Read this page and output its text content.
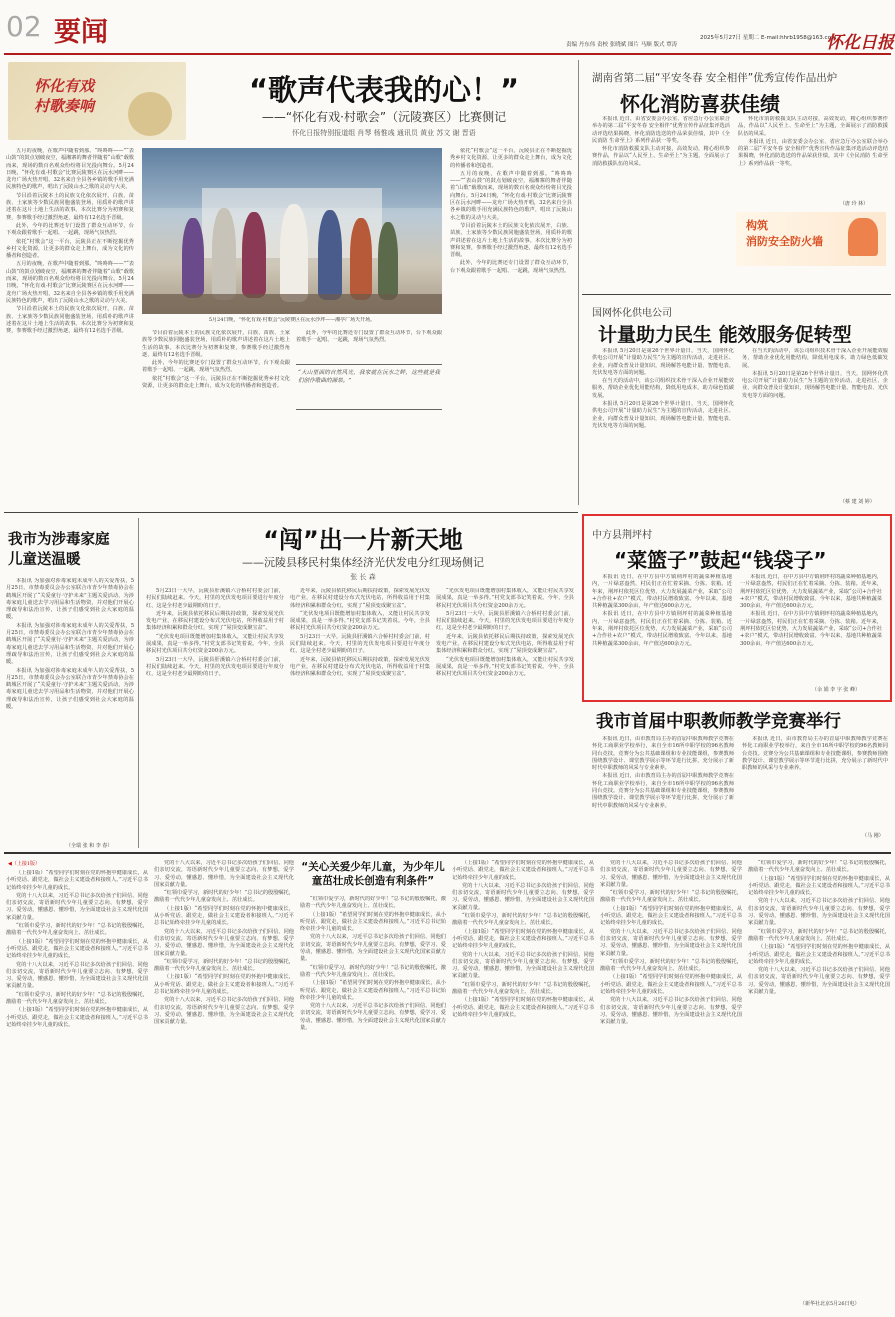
02 要闻	责编 丹东伟 责校 张晓斌 图片 马顺 版式 覃涛
2025年5月27日 星期二 E-mail:hhrb1958@163.com
怀化日报
怀化有戏
村歌奏响	“歌声代表我的心！”
——“怀化有戏·村歌会”（沅陵赛区）比赛侧记
怀化日报特别报道组 肖琴 杨惟彧 通讯员 黄业 苏文 谢 晋语

五月的夜晚，在歌声中随着到那。“咚咚咚——”“表山鼓”的鼓点划破夜空，福湘寨的舞者伴随着“山歌”载歌而来，现场的数百名观众纷纷将目光投向舞台。5月24日晚，“怀化有戏·村歌会”比赛沅陵赛区在沅水河畔——龙舟广场火热开唱，32名来自全县各乡镇的歌手用充满民族特色的歌声，唱出了沅陵山水之歌的灵动与大美。

节目沿着沅陵本土的民族文化依次展开，白族、苗族、土家族等少数民族同胞盛装登场，用质朴的歌声讲述着在这片土地上生活的故事。本次比赛分为初赛和复赛，参赛歌手经过激烈角逐，最终有12名选手晋级。

此外，今年的比赛还专门设置了群众互动环节，台下观众跟着歌手一起唱、一起跳，现场气氛热烈。

依托“村歌会”这一平台，沅陵县正在不断挖掘优秀乡村文化资源，让更多的群众走上舞台，成为文化的传播者和创造者。

五月的夜晚，在歌声中随着到那。“咚咚咚——”“表山鼓”的鼓点划破夜空，福湘寨的舞者伴随着“山歌”载歌而来，现场的数百名观众纷纷将目光投向舞台。5月24日晚，“怀化有戏·村歌会”比赛沅陵赛区在沅水河畔——龙舟广场火热开唱，32名来自全县各乡镇的歌手用充满民族特色的歌声，唱出了沅陵山水之歌的灵动与大美。

节目沿着沅陵本土的民族文化依次展开，白族、苗族、土家族等少数民族同胞盛装登场，用质朴的歌声讲述着在这片土地上生活的故事。本次比赛分为初赛和复赛，参赛歌手经过激烈角逐，最终有12名选手晋级。

5月24日晚，“怀化有戏·村歌会”沅陵赛区在沅水沙坪——湘亭广场天开场。

节目沿着沅陵本土的民族文化依次展开，白族、苗族、土家族等少数民族同胞盛装登场，用质朴的歌声讲述着在这片土地上生活的故事。本次比赛分为初赛和复赛，参赛歌手经过激烈角逐，最终有12名选手晋级。

此外，今年的比赛还专门设置了群众互动环节，台下观众跟着歌手一起唱、一起跳，现场气氛热烈。

依托“村歌会”这一平台，沅陵县正在不断挖掘优秀乡村文化资源，让更多的群众走上舞台，成为文化的传播者和创造者。

此外，今年的比赛还专门设置了群众互动环节，台下观众跟着歌手一起唱、一起跳，现场气氛热烈。

“大山里面的自然风光，我家就在沅水之畔，这些就是我们创作歌曲的源泉。”

依托“村歌会”这一平台，沅陵县正在不断挖掘优秀乡村文化资源，让更多的群众走上舞台，成为文化的传播者和创造者。

五月的夜晚，在歌声中随着到那。“咚咚咚——”“表山鼓”的鼓点划破夜空，福湘寨的舞者伴随着“山歌”载歌而来，现场的数百名观众纷纷将目光投向舞台。5月24日晚，“怀化有戏·村歌会”比赛沅陵赛区在沅水河畔——龙舟广场火热开唱，32名来自全县各乡镇的歌手用充满民族特色的歌声，唱出了沅陵山水之歌的灵动与大美。

节目沿着沅陵本土的民族文化依次展开，白族、苗族、土家族等少数民族同胞盛装登场，用质朴的歌声讲述着在这片土地上生活的故事。本次比赛分为初赛和复赛，参赛歌手经过激烈角逐，最终有12名选手晋级。

此外，今年的比赛还专门设置了群众互动环节，台下观众跟着歌手一起唱、一起跳，现场气氛热烈。

湖南省第二届“平安冬春 安全相伴”优秀宣传作品出炉
怀化消防喜获佳绩

本报讯 近日，由省安委会办公室、省应急厅办公室联合举办的第二届“平安冬春 安全相伴”优秀宣传作品征集评选活动评选结果揭晓，怀化消防选送的作品荣获佳绩，其中《全民消防 生命至上》系列作品获一等奖。

怀化市消防救援支队主动对接，高效发动，精心组织参赛作品，作品以“人民至上、生命至上”为主题，全面展示了消防救援队伍的风采。

怀化市消防救援支队主动对接，高效发动，精心组织参赛作品，作品以“人民至上、生命至上”为主题，全面展示了消防救援队伍的风采。

本报讯 近日，由省安委会办公室、省应急厅办公室联合举办的第二届“平安冬春 安全相伴”优秀宣传作品征集评选活动评选结果揭晓，怀化消防选送的作品荣获佳绩，其中《全民消防 生命至上》系列作品获一等奖。

（唐 玲 林）
构筑
消防安全防火墙
国网怀化供电公司
计量助力民生 能效服务促转型

本报讯 5月20日是第26个世界计量日，当天，国网怀化供电公司开展“计量助力民生”为主题的宣传活动，走进社区、企业，向群众普及计量知识，现场解答电能计量、智能电表、光伏发电等方面的问题。

在当天的活动中，该公司组织技术骨干深入企业开展能效服务，帮助企业优化用能结构，降低用电成本，助力绿色低碳发展。

本报讯 5月20日是第26个世界计量日，当天，国网怀化供电公司开展“计量助力民生”为主题的宣传活动，走进社区、企业，向群众普及计量知识，现场解答电能计量、智能电表、光伏发电等方面的问题。

在当天的活动中，该公司组织技术骨干深入企业开展能效服务，帮助企业优化用能结构，降低用电成本，助力绿色低碳发展。

本报讯 5月20日是第26个世界计量日，当天，国网怀化供电公司开展“计量助力民生”为主题的宣传活动，走进社区、企业，向群众普及计量知识，现场解答电能计量、智能电表、光伏发电等方面的问题。

（蔡 建 刘 婷）
中方县荆坪村
“菜篮子”鼓起“钱袋子”

本报讯 近日，在中方县中方镇荆坪村的蔬菜种植基地内，一片绿意盎然，村民们正在忙着采摘、分拣、装箱。近年来，荆坪村依托区位优势，大力发展蔬菜产业，采取“公司+合作社+农户”模式，带动村民增收致富。今年以来，基地共种植蔬菜300余亩，年产值达600余万元。

本报讯 近日，在中方县中方镇荆坪村的蔬菜种植基地内，一片绿意盎然，村民们正在忙着采摘、分拣、装箱。近年来，荆坪村依托区位优势，大力发展蔬菜产业，采取“公司+合作社+农户”模式，带动村民增收致富。今年以来，基地共种植蔬菜300余亩，年产值达600余万元。

本报讯 近日，在中方县中方镇荆坪村的蔬菜种植基地内，一片绿意盎然，村民们正在忙着采摘、分拣、装箱。近年来，荆坪村依托区位优势，大力发展蔬菜产业，采取“公司+合作社+农户”模式，带动村民增收致富。今年以来，基地共种植蔬菜300余亩，年产值达600余万元。

本报讯 近日，在中方县中方镇荆坪村的蔬菜种植基地内，一片绿意盎然，村民们正在忙着采摘、分拣、装箱。近年来，荆坪村依托区位优势，大力发展蔬菜产业，采取“公司+合作社+农户”模式，带动村民增收致富。今年以来，基地共种植蔬菜300余亩，年产值达600余万元。

（余 娟 李 宇 张 峰）
我市首届中职教师教学竞赛举行

本报讯 近日，由市教育局主办的首届中职教师教学竞赛在怀化工商职业学校举行，来自全市16所中职学校的96名教师同台竞技。竞赛分为公共基础课组和专业技能课组，参赛教师围绕教学设计、课堂教学展示等环节进行比拼，充分展示了新时代中职教师的风采与专业素养。

本报讯 近日，由市教育局主办的首届中职教师教学竞赛在怀化工商职业学校举行，来自全市16所中职学校的96名教师同台竞技。竞赛分为公共基础课组和专业技能课组，参赛教师围绕教学设计、课堂教学展示等环节进行比拼，充分展示了新时代中职教师的风采与专业素养。

本报讯 近日，由市教育局主办的首届中职教师教学竞赛在怀化工商职业学校举行，来自全市16所中职学校的96名教师同台竞技。竞赛分为公共基础课组和专业技能课组，参赛教师围绕教学设计、课堂教学展示等环节进行比拼，充分展示了新时代中职教师的风采与专业素养。

（马 刚）
我市为涉毒家庭
儿童送温暖

本报讯 为加强对涉毒家庭未成年人的关爱帮扶，5月25日，市禁毒委员会办公室联合市青少年禁毒协会在鹤城区开展了“关爱童行·守护未来”主题关爱活动，为涉毒家庭儿童送去学习用品和生活物资，并对他们开展心理疏导和法治宣传，让孩子们感受到社会大家庭的温暖。

本报讯 为加强对涉毒家庭未成年人的关爱帮扶，5月25日，市禁毒委员会办公室联合市青少年禁毒协会在鹤城区开展了“关爱童行·守护未来”主题关爱活动，为涉毒家庭儿童送去学习用品和生活物资，并对他们开展心理疏导和法治宣传，让孩子们感受到社会大家庭的温暖。

本报讯 为加强对涉毒家庭未成年人的关爱帮扶，5月25日，市禁毒委员会办公室联合市青少年禁毒协会在鹤城区开展了“关爱童行·守护未来”主题关爱活动，为涉毒家庭儿童送去学习用品和生活物资，并对他们开展心理疏导和法治宣传，让孩子们感受到社会大家庭的温暖。

（全瑞 张 和 李 春）
“闯”出一片新天地
——沅陵县移民村集体经济光伏发电分红现场侧记
张 长 森

5月23日一大早，沅陵县肝溪镇六合桥村村委会门前，村民们陆续赶来。今天，村里的光伏发电项目要进行年度分红，这是全村老少最期盼的日子。

近年来，沅陵县依托移民后期扶持政策，探索发展光伏发电产业，在移民村建设分布式光伏电站，所得收益用于村集体经济积累和群众分红，实现了“屋顶变成聚宝盆”。

“光伏发电项目既能增加村集体收入，又能让村民共享发展成果，真是一举多得。”村党支部书记笑着说。今年，全县移民村光伏项目共分红资金200余万元。

5月23日一大早，沅陵县肝溪镇六合桥村村委会门前，村民们陆续赶来。今天，村里的光伏发电项目要进行年度分红，这是全村老少最期盼的日子。

近年来，沅陵县依托移民后期扶持政策，探索发展光伏发电产业，在移民村建设分布式光伏电站，所得收益用于村集体经济积累和群众分红，实现了“屋顶变成聚宝盆”。

“光伏发电项目既能增加村集体收入，又能让村民共享发展成果，真是一举多得。”村党支部书记笑着说。今年，全县移民村光伏项目共分红资金200余万元。

5月23日一大早，沅陵县肝溪镇六合桥村村委会门前，村民们陆续赶来。今天，村里的光伏发电项目要进行年度分红，这是全村老少最期盼的日子。

近年来，沅陵县依托移民后期扶持政策，探索发展光伏发电产业，在移民村建设分布式光伏电站，所得收益用于村集体经济积累和群众分红，实现了“屋顶变成聚宝盆”。

“光伏发电项目既能增加村集体收入，又能让村民共享发展成果，真是一举多得。”村党支部书记笑着说。今年，全县移民村光伏项目共分红资金200余万元。

5月23日一大早，沅陵县肝溪镇六合桥村村委会门前，村民们陆续赶来。今天，村里的光伏发电项目要进行年度分红，这是全村老少最期盼的日子。

近年来，沅陵县依托移民后期扶持政策，探索发展光伏发电产业，在移民村建设分布式光伏电站，所得收益用于村集体经济积累和群众分红，实现了“屋顶变成聚宝盆”。

“光伏发电项目既能增加村集体收入，又能让村民共享发展成果，真是一举多得。”村党支部书记笑着说。今年，全县移民村光伏项目共分红资金200余万元。

“关心关爱少年儿童，为少年儿童茁壮成长创造有利条件”
◀（上接1版）

（上接1版）“希望同学们时刻在党的怀抱中健康成长，从小听党话、跟党走，做社会主义建设者和接班人。”习近平总书记始终牵挂少年儿童的成长。

党的十八大以来，习近平总书记多次给孩子们回信、同他们亲切交流，寄语新时代少年儿童要立志向、有梦想，爱学习、爱劳动，懂感恩、懂珍惜，为全面建设社会主义现代化国家贡献力量。

“红领巾爱学习，新时代的好少年！”总书记的殷殷嘱托，激励着一代代少年儿童奋发向上、茁壮成长。

（上接1版）“希望同学们时刻在党的怀抱中健康成长，从小听党话、跟党走，做社会主义建设者和接班人。”习近平总书记始终牵挂少年儿童的成长。

党的十八大以来，习近平总书记多次给孩子们回信、同他们亲切交流，寄语新时代少年儿童要立志向、有梦想，爱学习、爱劳动，懂感恩、懂珍惜，为全面建设社会主义现代化国家贡献力量。

“红领巾爱学习，新时代的好少年！”总书记的殷殷嘱托，激励着一代代少年儿童奋发向上、茁壮成长。

（上接1版）“希望同学们时刻在党的怀抱中健康成长，从小听党话、跟党走，做社会主义建设者和接班人。”习近平总书记始终牵挂少年儿童的成长。

党的十八大以来，习近平总书记多次给孩子们回信、同他们亲切交流，寄语新时代少年儿童要立志向、有梦想，爱学习、爱劳动，懂感恩、懂珍惜，为全面建设社会主义现代化国家贡献力量。

“红领巾爱学习，新时代的好少年！”总书记的殷殷嘱托，激励着一代代少年儿童奋发向上、茁壮成长。

（上接1版）“希望同学们时刻在党的怀抱中健康成长，从小听党话、跟党走，做社会主义建设者和接班人。”习近平总书记始终牵挂少年儿童的成长。

党的十八大以来，习近平总书记多次给孩子们回信、同他们亲切交流，寄语新时代少年儿童要立志向、有梦想，爱学习、爱劳动，懂感恩、懂珍惜，为全面建设社会主义现代化国家贡献力量。

“红领巾爱学习，新时代的好少年！”总书记的殷殷嘱托，激励着一代代少年儿童奋发向上、茁壮成长。

（上接1版）“希望同学们时刻在党的怀抱中健康成长，从小听党话、跟党走，做社会主义建设者和接班人。”习近平总书记始终牵挂少年儿童的成长。

党的十八大以来，习近平总书记多次给孩子们回信、同他们亲切交流，寄语新时代少年儿童要立志向、有梦想，爱学习、爱劳动，懂感恩、懂珍惜，为全面建设社会主义现代化国家贡献力量。

“红领巾爱学习，新时代的好少年！”总书记的殷殷嘱托，激励着一代代少年儿童奋发向上、茁壮成长。

（上接1版）“希望同学们时刻在党的怀抱中健康成长，从小听党话、跟党走，做社会主义建设者和接班人。”习近平总书记始终牵挂少年儿童的成长。

党的十八大以来，习近平总书记多次给孩子们回信、同他们亲切交流，寄语新时代少年儿童要立志向、有梦想，爱学习、爱劳动，懂感恩、懂珍惜，为全面建设社会主义现代化国家贡献力量。

“红领巾爱学习，新时代的好少年！”总书记的殷殷嘱托，激励着一代代少年儿童奋发向上、茁壮成长。

（上接1版）“希望同学们时刻在党的怀抱中健康成长，从小听党话、跟党走，做社会主义建设者和接班人。”习近平总书记始终牵挂少年儿童的成长。

党的十八大以来，习近平总书记多次给孩子们回信、同他们亲切交流，寄语新时代少年儿童要立志向、有梦想，爱学习、爱劳动，懂感恩、懂珍惜，为全面建设社会主义现代化国家贡献力量。

（上接1版）“希望同学们时刻在党的怀抱中健康成长，从小听党话、跟党走，做社会主义建设者和接班人。”习近平总书记始终牵挂少年儿童的成长。

党的十八大以来，习近平总书记多次给孩子们回信、同他们亲切交流，寄语新时代少年儿童要立志向、有梦想，爱学习、爱劳动，懂感恩、懂珍惜，为全面建设社会主义现代化国家贡献力量。

“红领巾爱学习，新时代的好少年！”总书记的殷殷嘱托，激励着一代代少年儿童奋发向上、茁壮成长。

（上接1版）“希望同学们时刻在党的怀抱中健康成长，从小听党话、跟党走，做社会主义建设者和接班人。”习近平总书记始终牵挂少年儿童的成长。

党的十八大以来，习近平总书记多次给孩子们回信、同他们亲切交流，寄语新时代少年儿童要立志向、有梦想，爱学习、爱劳动，懂感恩、懂珍惜，为全面建设社会主义现代化国家贡献力量。

“红领巾爱学习，新时代的好少年！”总书记的殷殷嘱托，激励着一代代少年儿童奋发向上、茁壮成长。

（上接1版）“希望同学们时刻在党的怀抱中健康成长，从小听党话、跟党走，做社会主义建设者和接班人。”习近平总书记始终牵挂少年儿童的成长。

党的十八大以来，习近平总书记多次给孩子们回信、同他们亲切交流，寄语新时代少年儿童要立志向、有梦想，爱学习、爱劳动，懂感恩、懂珍惜，为全面建设社会主义现代化国家贡献力量。

“红领巾爱学习，新时代的好少年！”总书记的殷殷嘱托，激励着一代代少年儿童奋发向上、茁壮成长。

（上接1版）“希望同学们时刻在党的怀抱中健康成长，从小听党话、跟党走，做社会主义建设者和接班人。”习近平总书记始终牵挂少年儿童的成长。

党的十八大以来，习近平总书记多次给孩子们回信、同他们亲切交流，寄语新时代少年儿童要立志向、有梦想，爱学习、爱劳动，懂感恩、懂珍惜，为全面建设社会主义现代化国家贡献力量。

“红领巾爱学习，新时代的好少年！”总书记的殷殷嘱托，激励着一代代少年儿童奋发向上、茁壮成长。

（上接1版）“希望同学们时刻在党的怀抱中健康成长，从小听党话、跟党走，做社会主义建设者和接班人。”习近平总书记始终牵挂少年儿童的成长。

党的十八大以来，习近平总书记多次给孩子们回信、同他们亲切交流，寄语新时代少年儿童要立志向、有梦想，爱学习、爱劳动，懂感恩、懂珍惜，为全面建设社会主义现代化国家贡献力量。

“红领巾爱学习，新时代的好少年！”总书记的殷殷嘱托，激励着一代代少年儿童奋发向上、茁壮成长。

（上接1版）“希望同学们时刻在党的怀抱中健康成长，从小听党话、跟党走，做社会主义建设者和接班人。”习近平总书记始终牵挂少年儿童的成长。

党的十八大以来，习近平总书记多次给孩子们回信、同他们亲切交流，寄语新时代少年儿童要立志向、有梦想，爱学习、爱劳动，懂感恩、懂珍惜，为全面建设社会主义现代化国家贡献力量。

“红领巾爱学习，新时代的好少年！”总书记的殷殷嘱托，激励着一代代少年儿童奋发向上、茁壮成长。

（上接1版）“希望同学们时刻在党的怀抱中健康成长，从小听党话、跟党走，做社会主义建设者和接班人。”习近平总书记始终牵挂少年儿童的成长。

党的十八大以来，习近平总书记多次给孩子们回信、同他们亲切交流，寄语新时代少年儿童要立志向、有梦想，爱学习、爱劳动，懂感恩、懂珍惜，为全面建设社会主义现代化国家贡献力量。

（新华社北京5月26日电）
